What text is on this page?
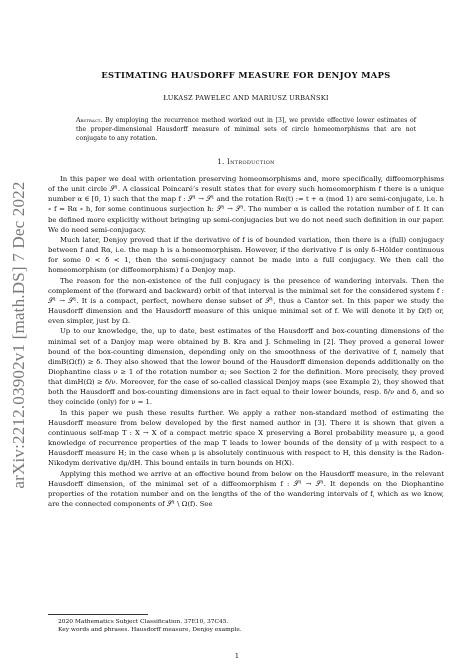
arXiv:2212.03902v1 [math.DS] 7 Dec 2022
ESTIMATING HAUSDORFF MEASURE FOR DENJOY MAPS
ŁUKASZ PAWELEC AND MARIUSZ URBAŃSKI
Abstract. By employing the recurrence method worked out in [3], we provide effective lower estimates of the proper-dimensional Hausdorff measure of minimal sets of circle homeomorphisms that are not conjugate to any rotation.
1. Introduction

In this paper we deal with orientation preserving homeomorphisms and, more specifically, diffeomorphisms of the unit circle 𝒮¹. A classical Poincaré’s result states that for every such homeomorphism f there is a unique number α ∈ [0, 1) such that the map f : 𝒮¹ → 𝒮¹ and the rotation Rα(t) := t + α (mod 1) are semi-conjugate, i.e. h ∘ f = Rα ∘ h, for some continuous surjection h: 𝒮¹ → 𝒮¹. The number α is called the rotation number of f. It can be defined more explicitly without bringing up semi-conjugacies but we do not need such definition in our paper. We do need semi-conjugacy.

Much later, Denjoy proved that if the derivative of f is of bounded variation, then there is a (full) conjugacy between f and Rα, i.e. the map h is a homeomorphism. However, if the derivative f′ is only δ–Hölder continuous for some 0 < δ < 1, then the semi-conjugacy cannot be made into a full conjugacy. We then call the homeomorphism (or diffeomorphism) f a Denjoy map.

The reason for the non-existence of the full conjugacy is the presence of wandering intervals. Then the complement of the (forward and backward) orbit of that interval is the minimal set for the considered system f : 𝒮¹ → 𝒮¹. It is a compact, perfect, nowhere dense subset of 𝒮¹, thus a Cantor set. In this paper we study the Hausdorff dimension and the Hausdorff measure of this unique minimal set of f. We will denote it by Ω(f) or, even simpler, just by Ω.

Up to our knowledge, the, up to date, best estimates of the Hausdorff and box-counting dimensions of the minimal set of a Danjoy map were obtained by B. Kra and J. Schmeling in [2]. They proved a general lower bound of the box-counting dimension, depending only on the smoothness of the derivative of f, namely that dimB(Ω(f)) ≥ δ. They also showed that the lower bound of the Hausdorff dimension depends additionally on the Diophantine class ν ≥ 1 of the rotation number α; see Section 2 for the definition. More precisely, they proved that dimH(Ω) ≥ δ/ν. Moreover, for the case of so-called classical Denjoy maps (see Example 2), they showed that both the Hausdorff and box-counting dimensions are in fact equal to their lower bounds, resp. δ/ν and δ, and so they coincide (only) for ν = 1.

In this paper we push these results further. We apply a rather non-standard method of estimating the Hausdorff measure from below developed by the first named author in [3]. There it is shown that given a continuous self-map T : X → X of a compact metric space X preserving a Borel probability measure μ, a good knowledge of recurrence properties of the map T leads to lower bounds of the density of μ with respect to a Hausdorff measure H; in the case when μ is absolutely continuous with respect to H, this density is the Radon-Nikodym derivative dμ/dH. This bound entails in turn bounds on H(X).

Applying this method we arrive at an effective bound from below on the Hausdorff measure, in the relevant Hausdorff dimension, of the minimal set of a diffeomorphism f : 𝒮¹ → 𝒮¹. It depends on the Diophantine properties of the rotation number and on the lengths of the of the wandering intervals of f, which as we know, are the connected components of 𝒮¹ \ Ω(f). See

2020 Mathematics Subject Classification. 37E10, 37C45.

Key words and phrases. Hausdorff measure, Denjoy example.

1
